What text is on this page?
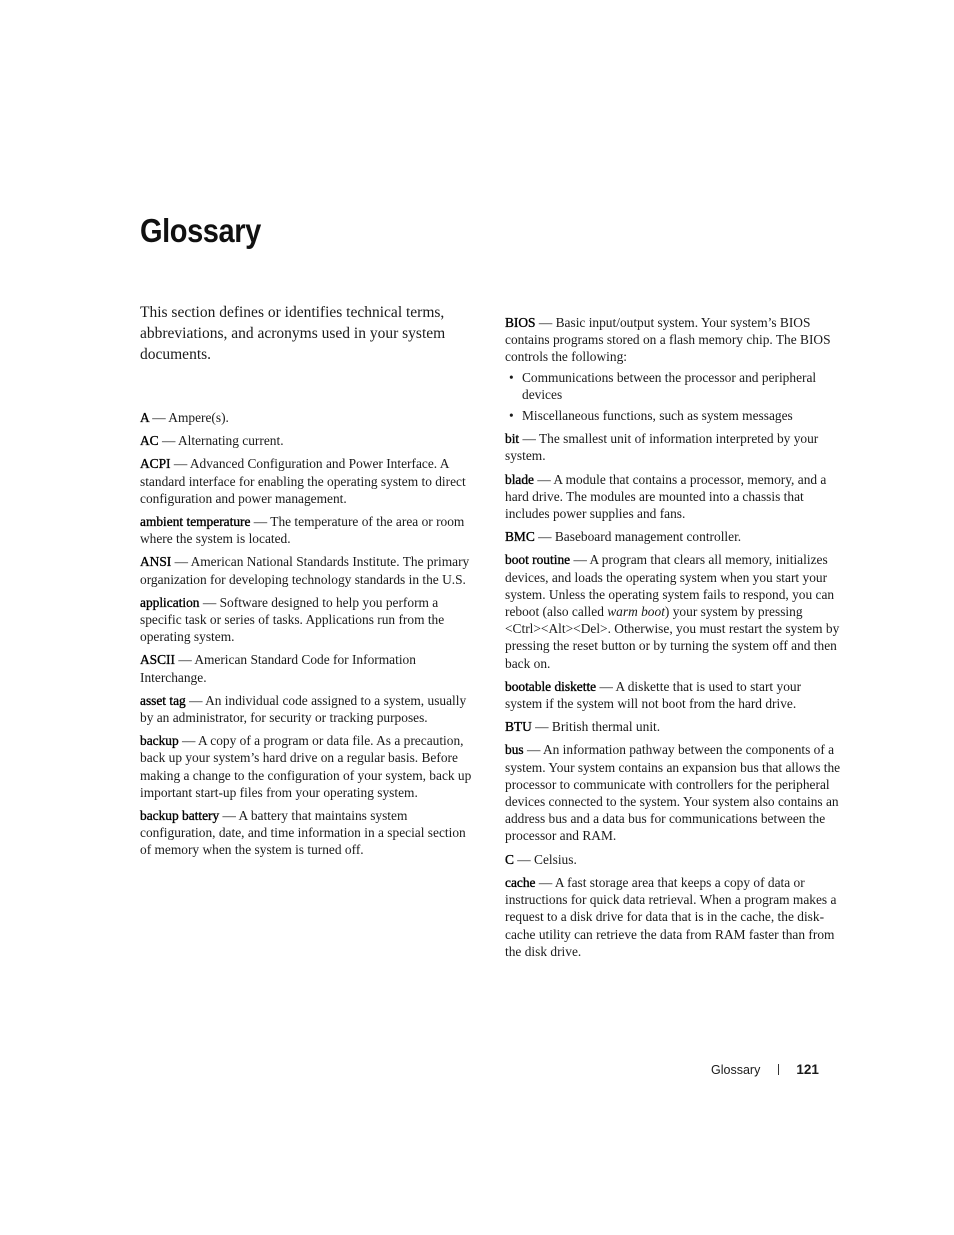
Glossary

This section defines or identifies technical terms, abbreviations, and acronyms used in your system documents.

A — Ampere(s).

AC — Alternating current.

ACPI — Advanced Configuration and Power Interface. A standard interface for enabling the operating system to direct configuration and power management.

ambient temperature — The temperature of the area or room where the system is located.

ANSI — American National Standards Institute. The primary organization for developing technology standards in the U.S.

application — Software designed to help you perform a specific task or series of tasks. Applications run from the operating system.

ASCII — American Standard Code for Information Interchange.

asset tag — An individual code assigned to a system, usually by an administrator, for security or tracking purposes.

backup — A copy of a program or data file. As a precaution, back up your system’s hard drive on a regular basis. Before making a change to the configuration of your system, back up important start-up files from your operating system.

backup battery — A battery that maintains system configuration, date, and time information in a special section of memory when the system is turned off.

BIOS — Basic input/output system. Your system’s BIOS contains programs stored on a flash memory chip. The BIOS controls the following:

• Communications between the processor and peripheral devices
• Miscellaneous functions, such as system messages

bit — The smallest unit of information interpreted by your system.

blade — A module that contains a processor, memory, and a hard drive. The modules are mounted into a chassis that includes power supplies and fans.

BMC — Baseboard management controller.

boot routine — A program that clears all memory, initializes devices, and loads the operating system when you start your system. Unless the operating system fails to respond, you can reboot (also called warm boot) your system by pressing <Ctrl><Alt><Del>. Otherwise, you must restart the system by pressing the reset button or by turning the system off and then back on.

bootable diskette — A diskette that is used to start your system if the system will not boot from the hard drive.

BTU — British thermal unit.

bus — An information pathway between the components of a system. Your system contains an expansion bus that allows the processor to communicate with controllers for the peripheral devices connected to the system. Your system also contains an address bus and a data bus for communications between the processor and RAM.

C — Celsius.

cache — A fast storage area that keeps a copy of data or instructions for quick data retrieval. When a program makes a request to a disk drive for data that is in the cache, the disk-cache utility can retrieve the data from RAM faster than from the disk drive.

Glossary	121
